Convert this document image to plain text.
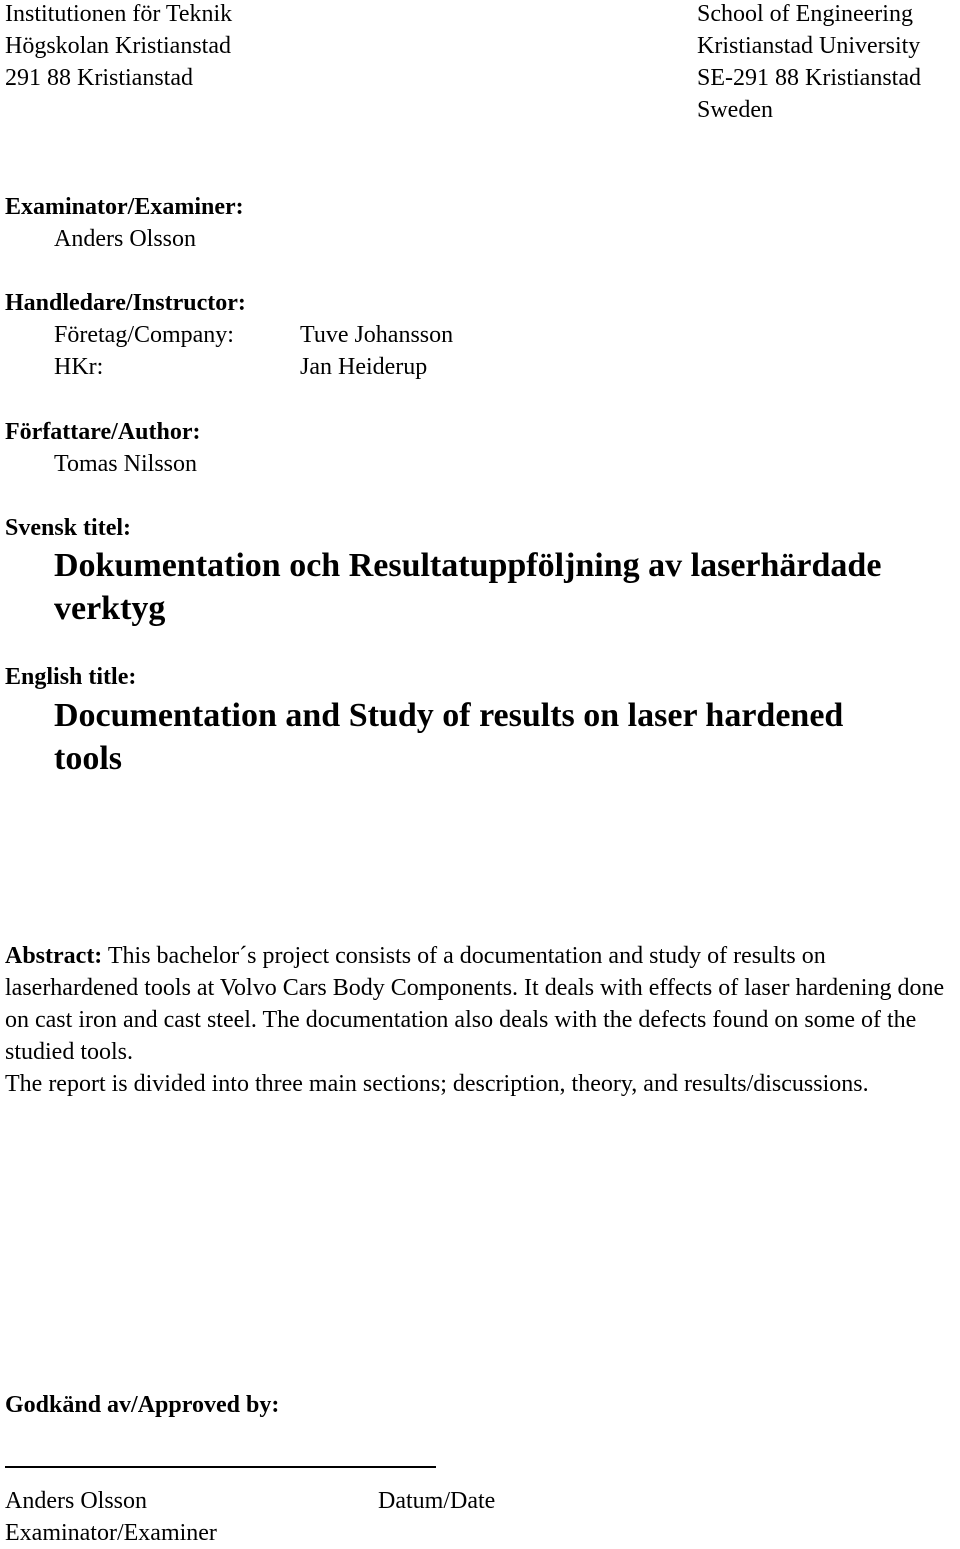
Institutionen för Teknik
Högskolan Kristianstad
291 88 Kristianstad
School of Engineering
Kristianstad University
SE-291 88 Kristianstad
Sweden
Examinator/Examiner:
Anders Olsson
Handledare/Instructor:
Företag/Company:	Tuve Johansson
HKr:	Jan Heiderup
Författare/Author:
Tomas Nilsson
Svensk titel:
Dokumentation och Resultatuppföljning av laserhärdade
verktyg
English title:
Documentation and Study of results on laser hardened
tools
Abstract: This bachelor´s project consists of a documentation and study of results on laserhardened tools at Volvo Cars Body Components. It deals with effects of laser hardening done on cast iron and cast steel. The documentation also deals with the defects found on some of the studied tools.
The report is divided into three main sections; description, theory, and results/discussions.
Godkänd av/Approved by:
Anders Olsson	Datum/Date
Examinator/Examiner
